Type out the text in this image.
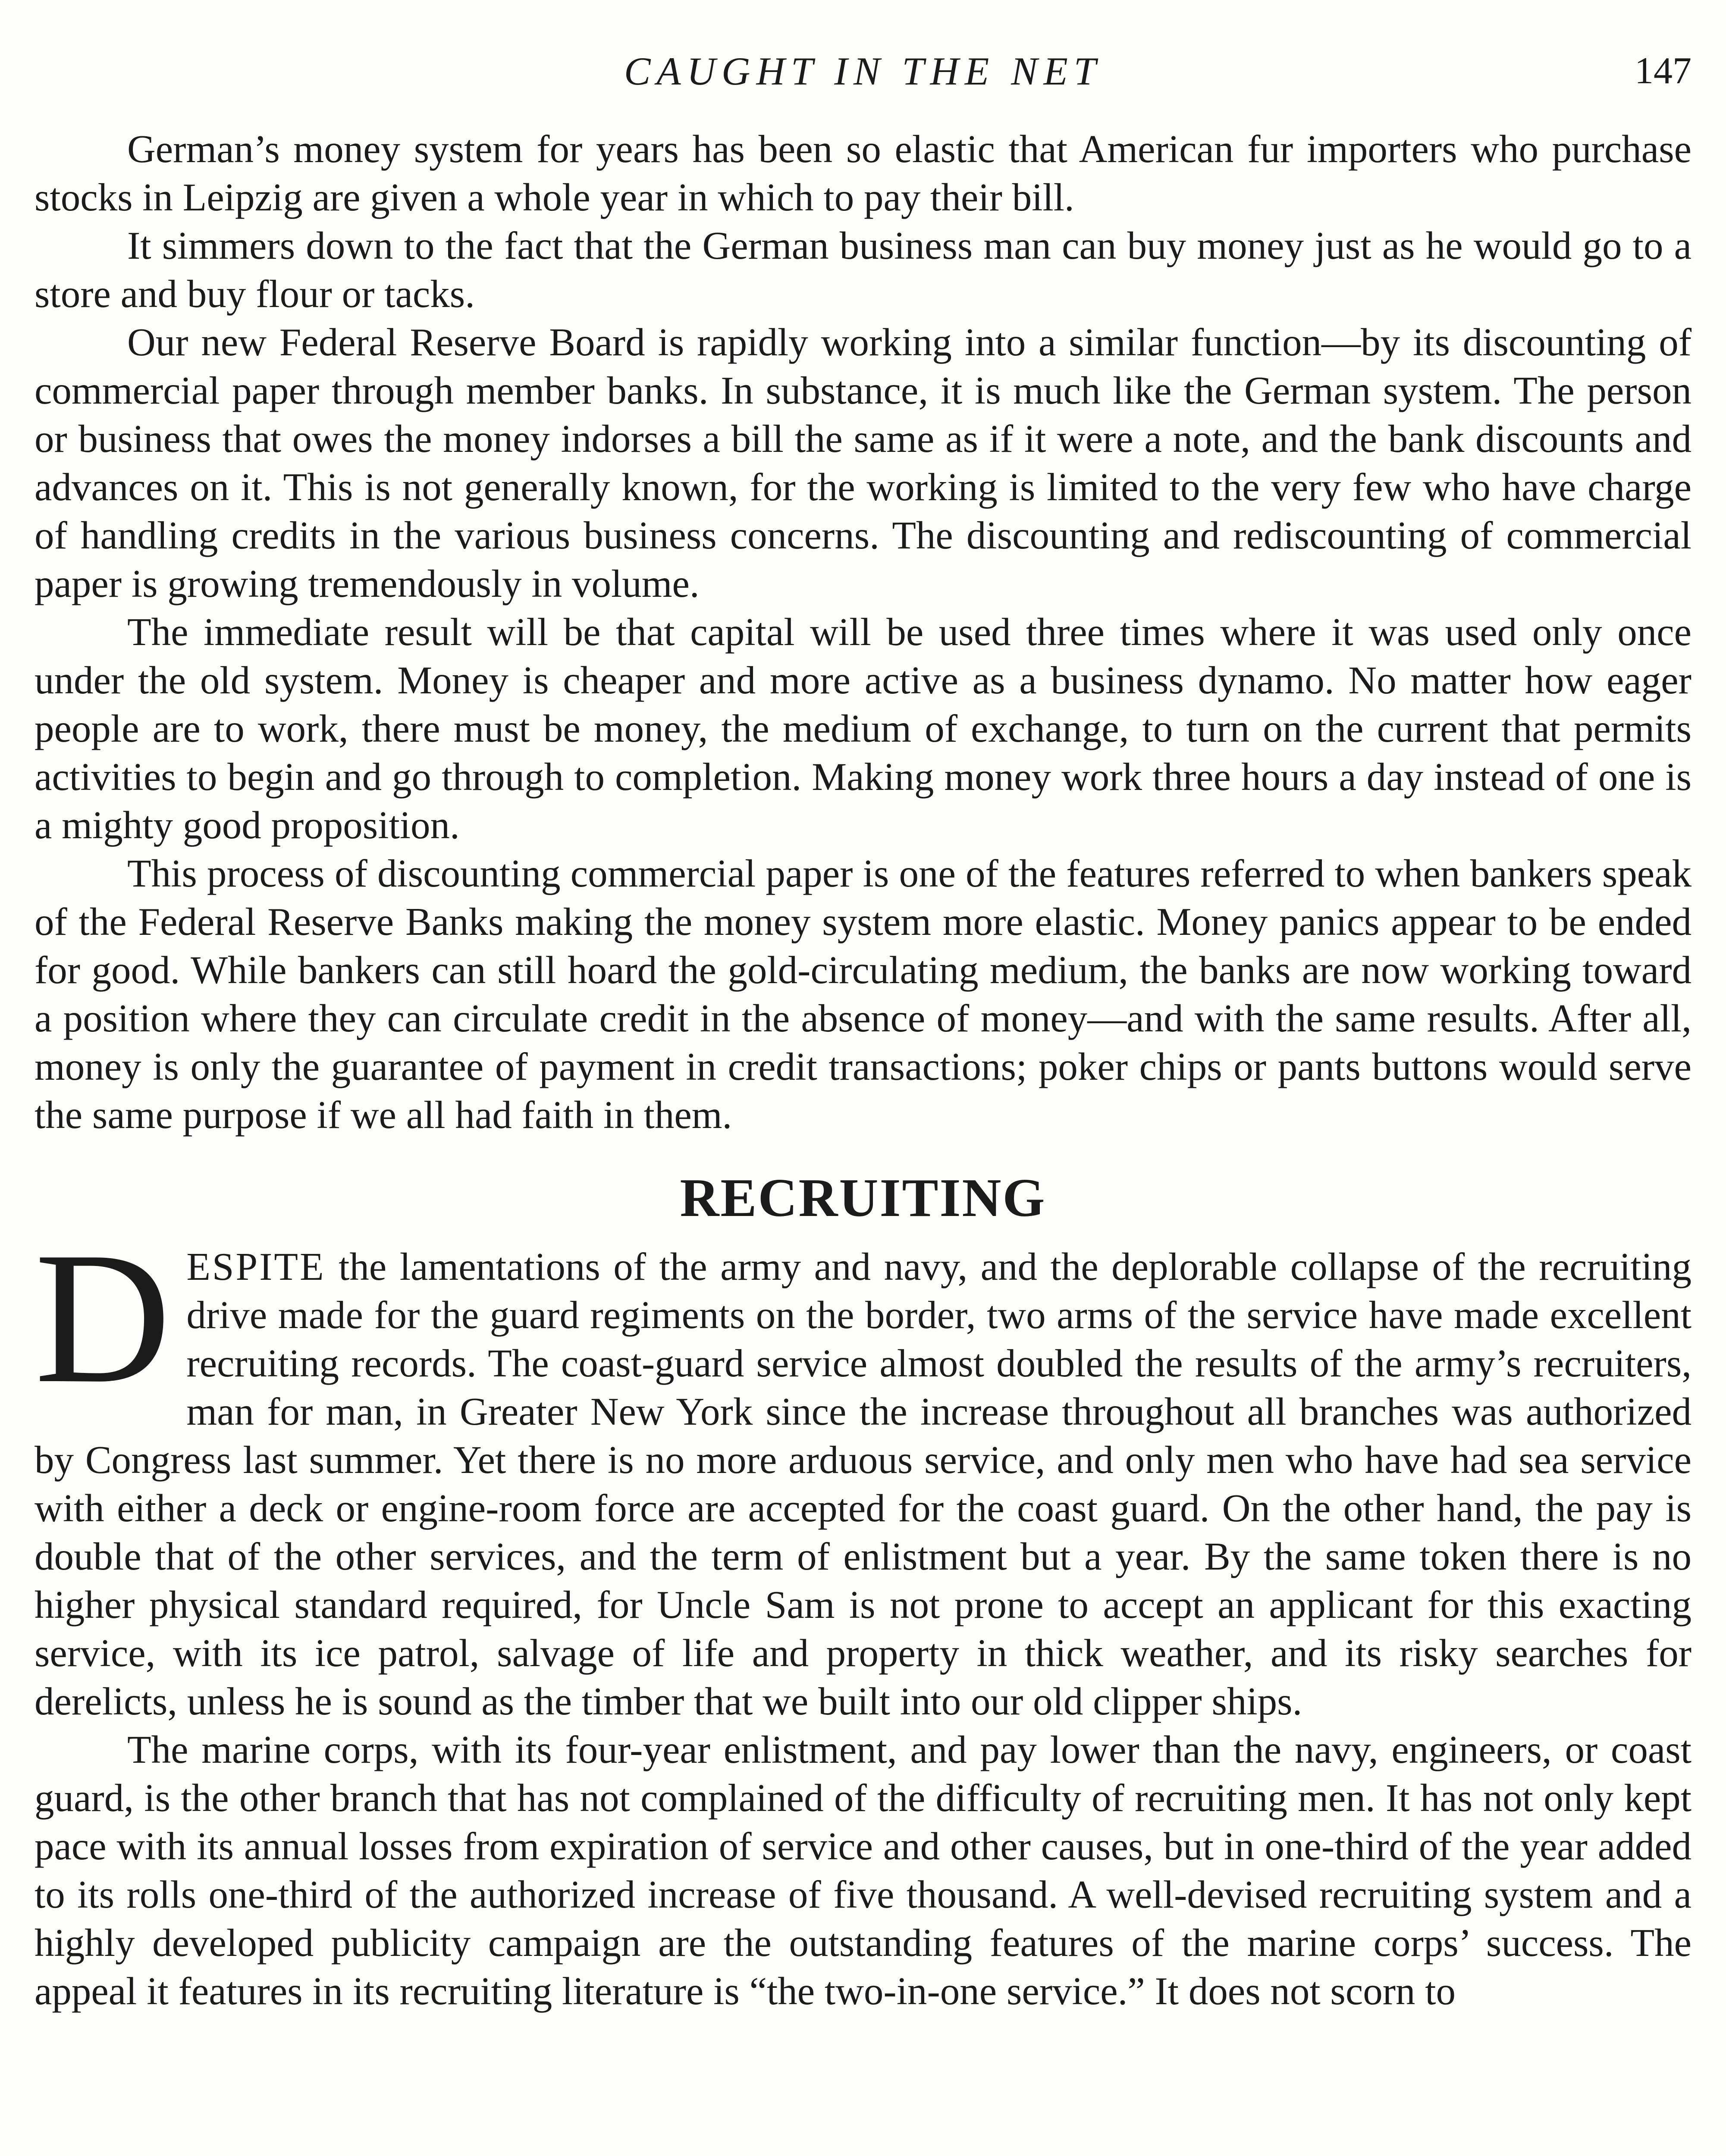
CAUGHT IN THE NET	147

German’s money system for years has been so elastic that American fur importers who purchase stocks in Leipzig are given a whole year in which to pay their bill.

It simmers down to the fact that the German business man can buy money just as he would go to a store and buy flour or tacks.

Our new Federal Reserve Board is rapidly working into a similar function—by its discounting of commercial paper through member banks. In substance, it is much like the German system. The person or business that owes the money indorses a bill the same as if it were a note, and the bank discounts and advances on it. This is not generally known, for the working is limited to the very few who have charge of handling credits in the various business concerns. The discounting and rediscounting of commercial paper is growing tremendously in volume.

The immediate result will be that capital will be used three times where it was used only once under the old system. Money is cheaper and more active as a business dynamo. No matter how eager people are to work, there must be money, the medium of exchange, to turn on the current that permits activities to begin and go through to completion. Making money work three hours a day instead of one is a mighty good proposition.

This process of discounting commercial paper is one of the features referred to when bankers speak of the Federal Reserve Banks making the money system more elastic. Money panics appear to be ended for good. While bankers can still hoard the gold-circulating medium, the banks are now working toward a position where they can circulate credit in the absence of money—and with the same results. After all, money is only the guarantee of payment in credit transactions; poker chips or pants buttons would serve the same purpose if we all had faith in them.

RECRUITING

DESPITE the lamentations of the army and navy, and the deplorable collapse of the recruiting drive made for the guard regiments on the border, two arms of the service have made excellent recruiting records. The coast-guard service almost doubled the results of the army’s recruiters, man for man, in Greater New York since the increase throughout all branches was authorized by Congress last summer. Yet there is no more arduous service, and only men who have had sea service with either a deck or engine-room force are accepted for the coast guard. On the other hand, the pay is double that of the other services, and the term of enlistment but a year. By the same token there is no higher physical standard required, for Uncle Sam is not prone to accept an applicant for this exacting service, with its ice patrol, salvage of life and property in thick weather, and its risky searches for derelicts, unless he is sound as the timber that we built into our old clipper ships.

The marine corps, with its four-year enlistment, and pay lower than the navy, engineers, or coast guard, is the other branch that has not complained of the difficulty of recruiting men. It has not only kept pace with its annual losses from expiration of service and other causes, but in one-third of the year added to its rolls one-third of the authorized increase of five thousand. A well-devised recruiting system and a highly developed publicity campaign are the outstanding features of the marine corps’ success. The appeal it features in its recruiting literature is “the two-in-one service.” It does not scorn to
